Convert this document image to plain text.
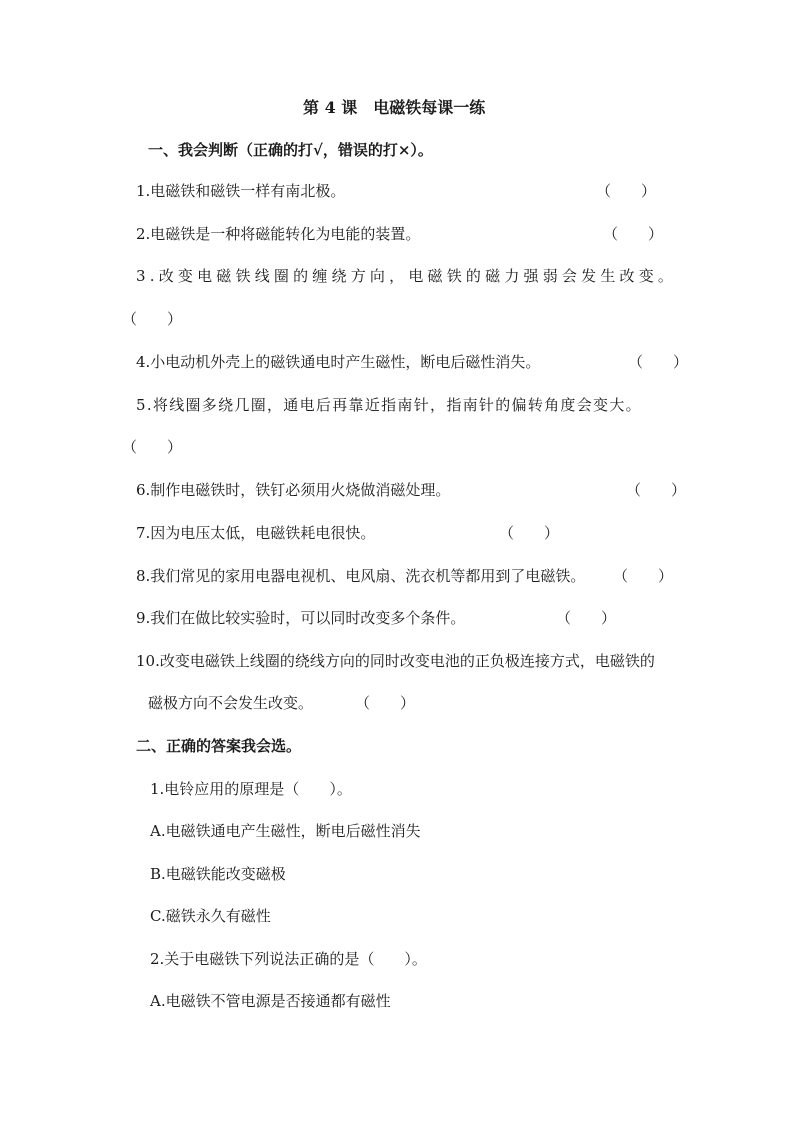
第 4 课　电磁铁每课一练
一、我会判断（正确的打√，错误的打×）。
1.电磁铁和磁铁一样有南北极。	（　　）
2.电磁铁是一种将磁能转化为电能的装置。	（　　）
3.改变电磁铁线圈的缠绕方向，电磁铁的磁力强弱会发生改变。
（　　）
4.小电动机外壳上的磁铁通电时产生磁性，断电后磁性消失。	（　　）
5.将线圈多绕几圈，通电后再靠近指南针，指南针的偏转角度会变大。
（　　）
6.制作电磁铁时，铁钉必须用火烧做消磁处理。	（　　）
7.因为电压太低，电磁铁耗电很快。	（　　）
8.我们常见的家用电器电视机、电风扇、洗衣机等都用到了电磁铁。 （　　）
9.我们在做比较实验时，可以同时改变多个条件。	（　　）
10.改变电磁铁上线圈的绕线方向的同时改变电池的正负极连接方式，电磁铁的
磁极方向不会发生改变。	（　　）
二、正确的答案我会选。
1.电铃应用的原理是（　　）。
A.电磁铁通电产生磁性，断电后磁性消失
B.电磁铁能改变磁极
C.磁铁永久有磁性
2.关于电磁铁下列说法正确的是（　　）。
A.电磁铁不管电源是否接通都有磁性
